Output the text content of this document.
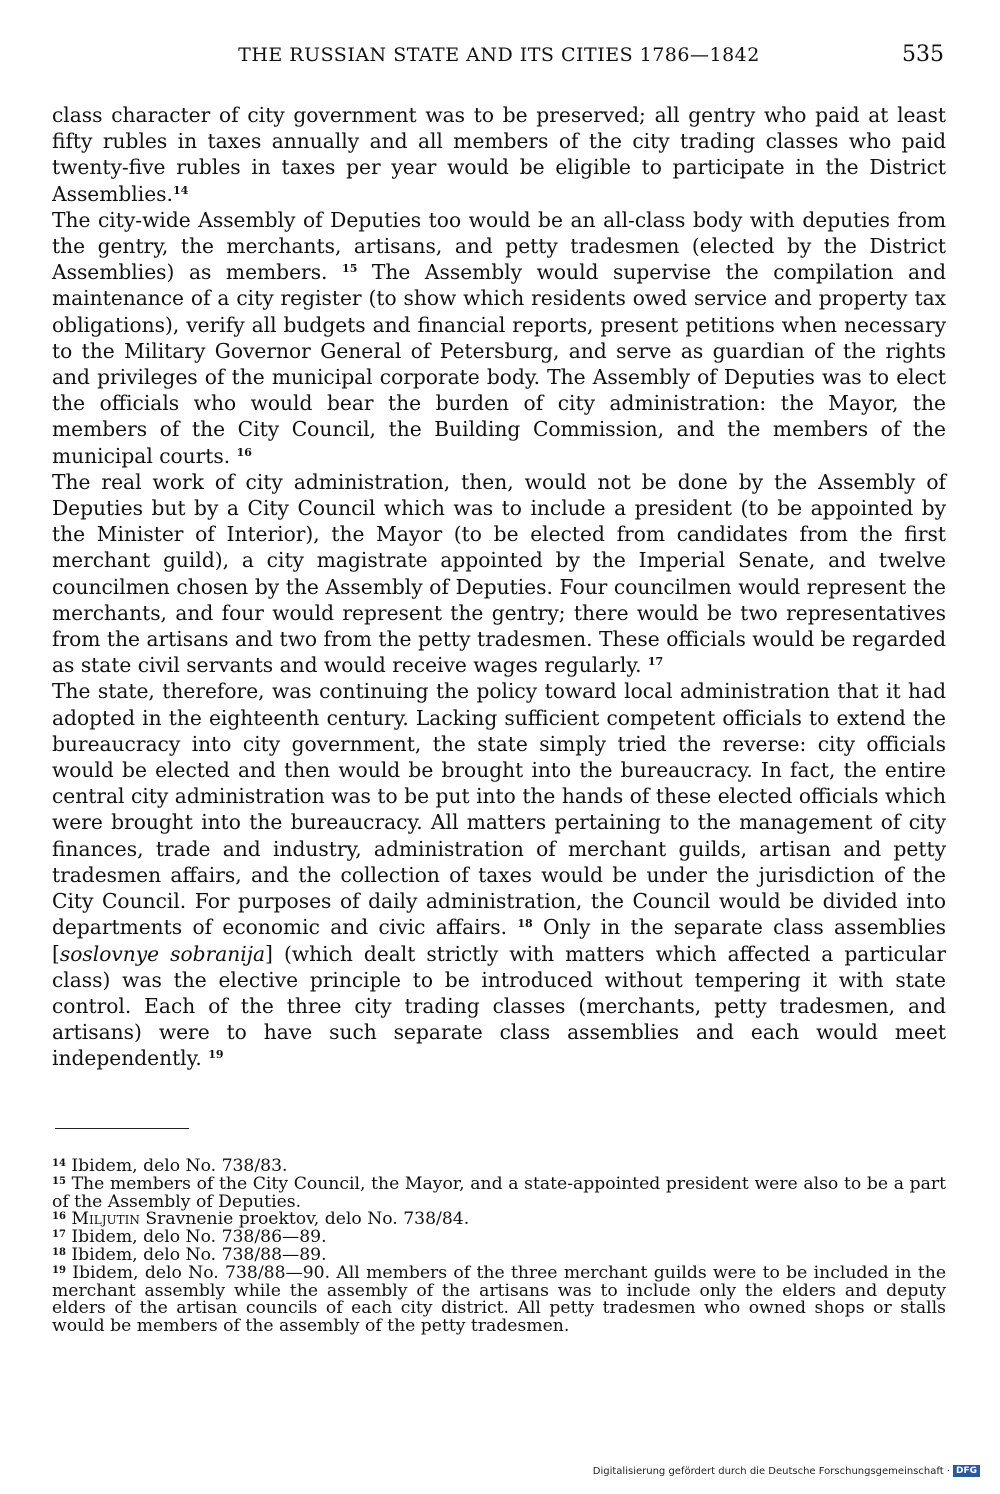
THE RUSSIAN STATE AND ITS CITIES 1786—1842	535

class character of city government was to be preserved; all gentry who paid at least fifty rubles in taxes annually and all members of the city trading classes who paid twenty-five rubles in taxes per year would be eligible to participate in the District Assemblies.$^{14}$

The city-wide Assembly of Deputies too would be an all-class body with deputies from the gentry, the merchants, artisans, and petty tradesmen (elected by the District Assemblies) as members. $^{15}$ The Assembly would supervise the compilation and maintenance of a city register (to show which residents owed service and property tax obligations), verify all budgets and financial reports, present petitions when necessary to the Military Governor General of Petersburg, and serve as guardian of the rights and privileges of the municipal corporate body. The Assembly of Deputies was to elect the officials who would bear the burden of city administration: the Mayor, the members of the City Council, the Building Commission, and the members of the municipal courts. $^{16}$

The real work of city administration, then, would not be done by the Assembly of Deputies but by a City Council which was to include a president (to be appointed by the Minister of Interior), the Mayor (to be elected from candidates from the first merchant guild), a city magistrate appointed by the Imperial Senate, and twelve councilmen chosen by the Assembly of Deputies. Four councilmen would represent the merchants, and four would represent the gentry; there would be two representatives from the artisans and two from the petty tradesmen. These officials would be regarded as state civil servants and would receive wages regularly. $^{17}$

The state, therefore, was continuing the policy toward local administration that it had adopted in the eighteenth century. Lacking sufficient competent officials to extend the bureaucracy into city government, the state simply tried the reverse: city officials would be elected and then would be brought into the bureaucracy. In fact, the entire central city administration was to be put into the hands of these elected officials which were brought into the bureaucracy. All matters pertaining to the management of city finances, trade and industry, administration of merchant guilds, artisan and petty tradesmen affairs, and the collection of taxes would be under the jurisdiction of the City Council. For purposes of daily administration, the Council would be divided into departments of economic and civic affairs. $^{18}$ Only in the separate class assemblies [soslovnye sobranija] (which dealt strictly with matters which affected a particular class) was the elective principle to be introduced without tempering it with state control. Each of the three city trading classes (merchants, petty tradesmen, and artisans) were to have such separate class assemblies and each would meet independently. $^{19}$

$^{14}$ Ibidem, delo No. 738/83.

$^{15}$ The members of the City Council, the Mayor, and a state-appointed president were also to be a part of the Assembly of Deputies.

$^{16}$ Miljutin Sravnenie proektov, delo No. 738/84.

$^{17}$ Ibidem, delo No. 738/86—89.

$^{18}$ Ibidem, delo No. 738/88—89.

$^{19}$ Ibidem, delo No. 738/88—90. All members of the three merchant guilds were to be included in the merchant assembly while the assembly of the artisans was to include only the elders and deputy elders of the artisan councils of each city district. All petty tradesmen who owned shops or stalls would be members of the assembly of the petty tradesmen.

Digitalisierung gefördert durch die Deutsche Forschungsgemeinschaft · DFG
